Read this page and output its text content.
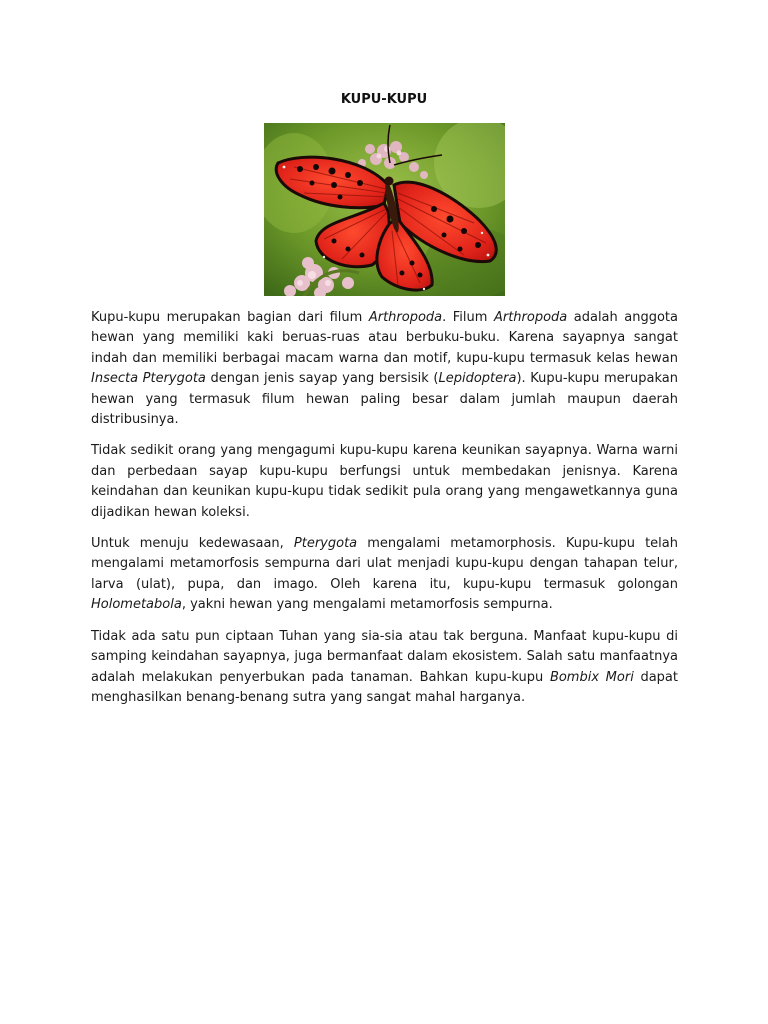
KUPU-KUPU

Kupu-kupu merupakan bagian dari filum Arthropoda. Filum Arthropoda adalah anggota hewan yang memiliki kaki beruas-ruas atau berbuku-buku. Karena sayapnya sangat indah dan memiliki berbagai macam warna dan motif, kupu-kupu termasuk kelas hewan Insecta Pterygota dengan jenis sayap yang bersisik (Lepidoptera). Kupu-kupu merupakan hewan yang termasuk filum hewan paling besar dalam jumlah maupun daerah distribusinya.

Tidak sedikit orang yang mengagumi kupu-kupu karena keunikan sayapnya. Warna warni dan perbedaan sayap kupu-kupu berfungsi untuk membedakan jenisnya. Karena keindahan dan keunikan kupu-kupu tidak sedikit pula orang yang mengawetkannya guna dijadikan hewan koleksi.

Untuk menuju kedewasaan, Pterygota mengalami metamorphosis. Kupu-kupu telah mengalami metamorfosis sempurna dari ulat menjadi kupu-kupu dengan tahapan telur, larva (ulat), pupa, dan imago. Oleh karena itu, kupu-kupu termasuk golongan Holometabola, yakni hewan yang mengalami metamorfosis sempurna.

Tidak ada satu pun ciptaan Tuhan yang sia-sia atau tak berguna. Manfaat kupu-kupu di samping keindahan sayapnya, juga bermanfaat dalam ekosistem. Salah satu manfaatnya adalah melakukan penyerbukan pada tanaman. Bahkan kupu-kupu Bombix Mori dapat menghasilkan benang-benang sutra yang sangat mahal harganya.
